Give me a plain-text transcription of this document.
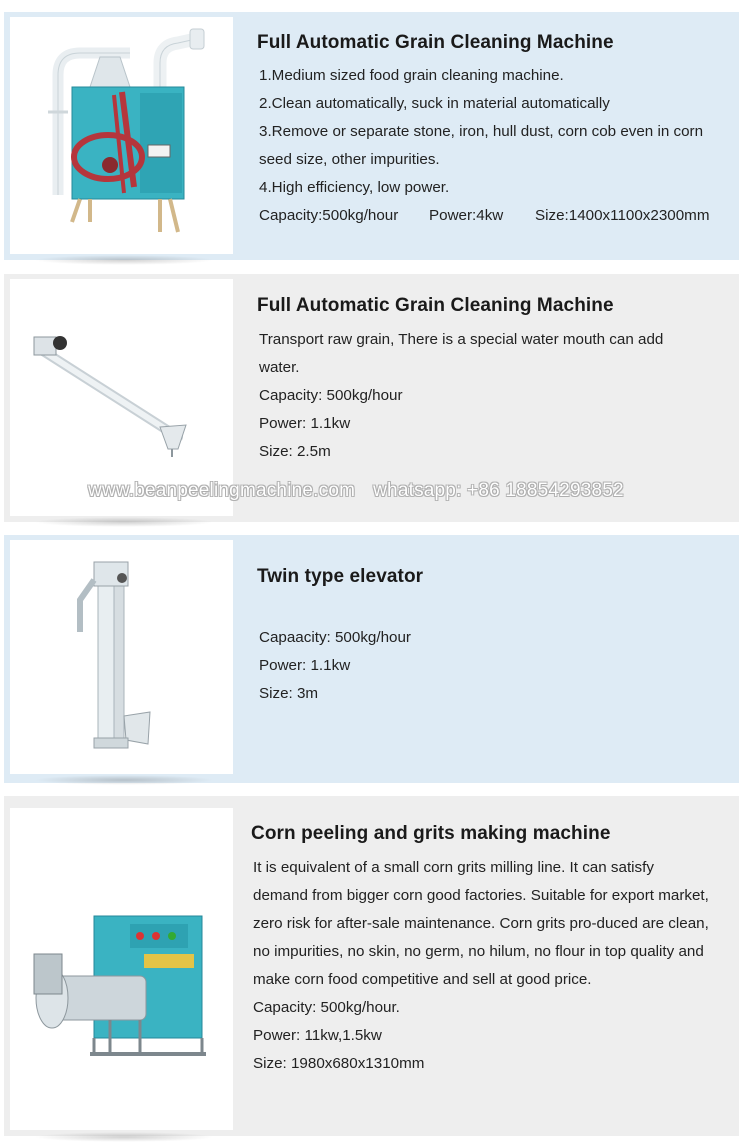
Full Automatic Grain Cleaning Machine

1.Medium sized food grain cleaning machine.

2.Clean automatically, suck in material automatically

3.Remove or separate stone, iron, hull dust, corn cob even in corn seed size, other impurities.

4.High efficiency, low power.

Capacity:500kg/hour Power:4kw Size:1400x1100x2300mm

Full Automatic Grain Cleaning Machine

Transport raw grain, There is a special water mouth can add water.

Capacity: 500kg/hour

Power: 1.1kw

Size: 2.5m

www.beanpeelingmachine.com whatsapp: +86 18854293852
Twin type elevator

Capaacity: 500kg/hour

Power: 1.1kw

Size: 3m

Corn peeling and grits making machine

It is equivalent of a small corn grits milling line. It can satisfy demand from bigger corn good factories. Suitable for export market, zero risk for after-sale maintenance. Corn grits pro-duced are clean, no impurities, no skin, no germ, no hilum, no flour in top quality and make corn food competitive and sell at good price.

Capacity: 500kg/hour.

Power: 11kw,1.5kw

Size: 1980x680x1310mm
